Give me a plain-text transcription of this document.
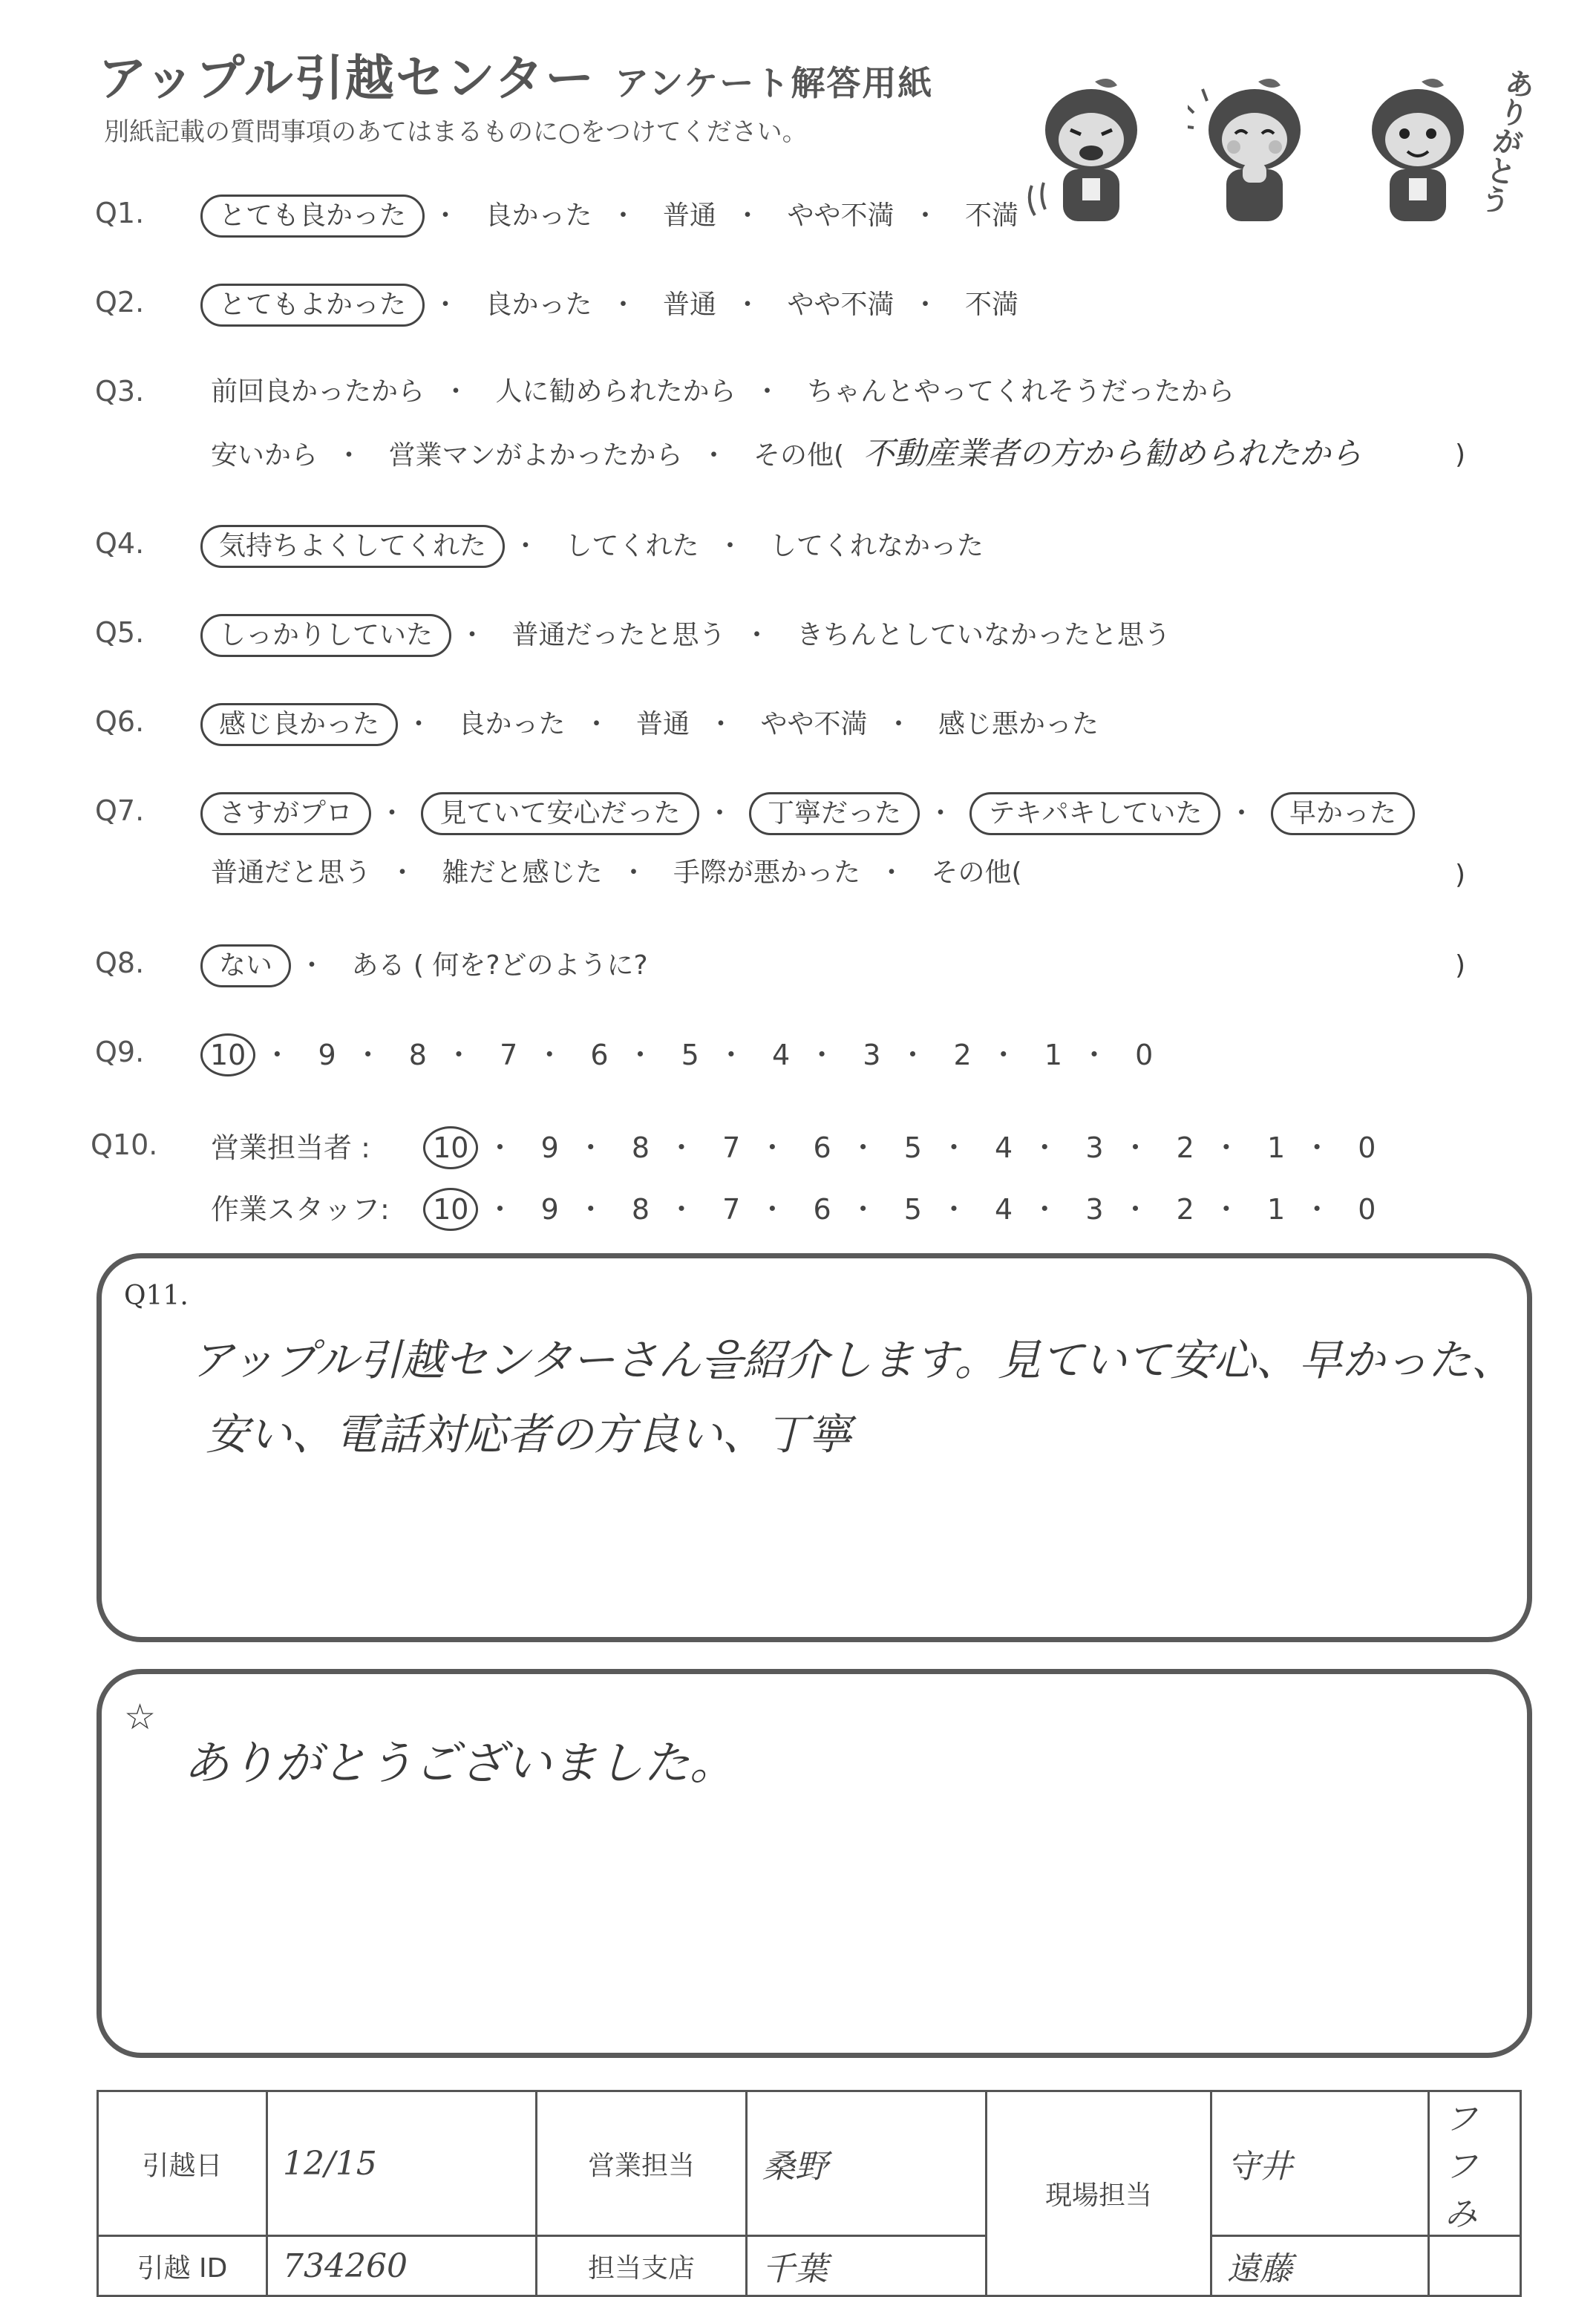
アップル引越センター アンケート解答用紙
別紙記載の質問事項のあてはまるものに○をつけてください。	ありがとう
Q1.	とても良かった ・ 良かった ・ 普通 ・ やや不満 ・ 不満
Q2.	とてもよかった ・ 良かった ・ 普通 ・ やや不満 ・ 不満
Q3.	前回良かったから ・ 人に勧められたから ・ ちゃんとやってくれそうだったから
安いから ・ 営業マンがよかったから ・ その他( 不動産業者の方から勧められたから	)
Q4.	気持ちよくしてくれた ・ してくれた ・ してくれなかった
Q5.	しっかりしていた ・ 普通だったと思う ・ きちんとしていなかったと思う
Q6.	感じ良かった ・ 良かった ・ 普通 ・ やや不満 ・ 感じ悪かった
Q7.	さすがプロ ・ 見ていて安心だった ・ 丁寧だった ・ テキパキしていた ・ 早かった
普通だと思う ・ 雑だと感じた ・ 手際が悪かった ・ その他(	)
Q8.	ない ・ ある ( 何を?どのように?	)
Q9.	10 ・ 9 ・ 8 ・ 7 ・ 6 ・ 5 ・ 4 ・ 3 ・ 2 ・ 1 ・ 0
Q10.	営業担当者 : 10 ・ 9 ・ 8 ・ 7 ・ 6 ・ 5 ・ 4 ・ 3 ・ 2 ・ 1 ・ 0
作業スタッフ: 10 ・ 9 ・ 8 ・ 7 ・ 6 ・ 5 ・ 4 ・ 3 ・ 2 ・ 1 ・ 0
Q11.
アップル引越センターさん을紹介します。見ていて安心、早かった、
安い、電話対応者の方良い、丁寧
☆
ありがとうございました。
引越日	12/15	営業担当	桑野	現場担当	守井	フフみ
引越 ID	734260	担当支店	千葉		遠藤	
